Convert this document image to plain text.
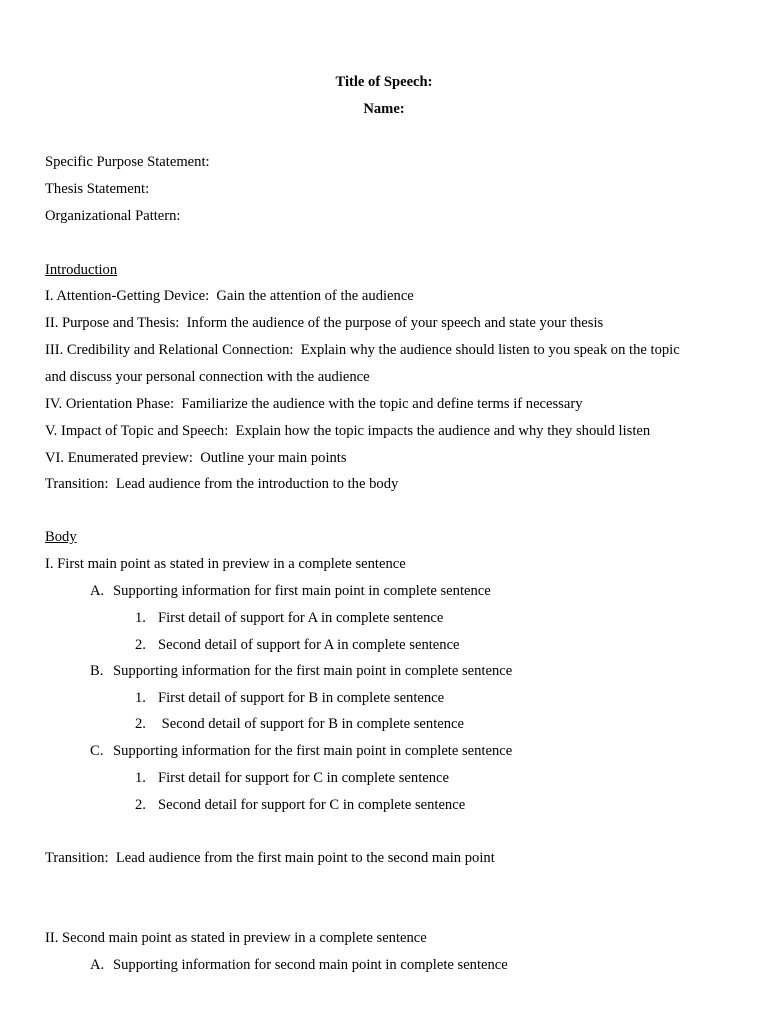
Title of Speech:
Name:
Specific Purpose Statement:
Thesis Statement:
Organizational Pattern:
Introduction
I. Attention-Getting Device:  Gain the attention of the audience
II. Purpose and Thesis:  Inform the audience of the purpose of your speech and state your thesis
III. Credibility and Relational Connection:  Explain why the audience should listen to you speak on the topic
and discuss your personal connection with the audience
IV. Orientation Phase:  Familiarize the audience with the topic and define terms if necessary
V. Impact of Topic and Speech:  Explain how the topic impacts the audience and why they should listen
VI. Enumerated preview:  Outline your main points
Transition:  Lead audience from the introduction to the body
Body
I. First main point as stated in preview in a complete sentence
A. Supporting information for first main point in complete sentence
1. First detail of support for A in complete sentence
2. Second detail of support for A in complete sentence
B. Supporting information for the first main point in complete sentence
1. First detail of support for B in complete sentence
2. Second detail of support for B in complete sentence
C. Supporting information for the first main point in complete sentence
1. First detail for support for C in complete sentence
2. Second detail for support for C in complete sentence
Transition:  Lead audience from the first main point to the second main point
II. Second main point as stated in preview in a complete sentence
A. Supporting information for second main point in complete sentence
